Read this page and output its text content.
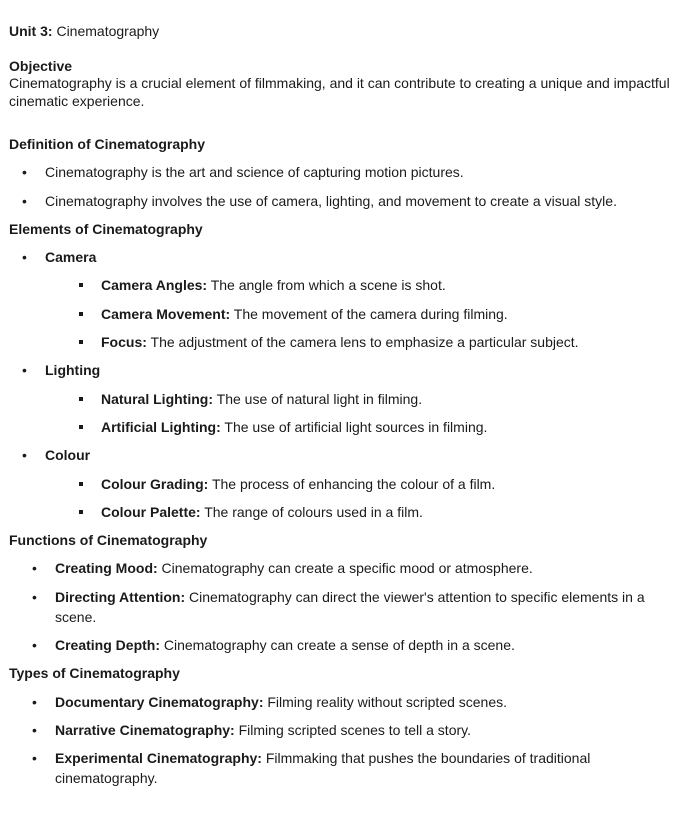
Unit 3: Cinematography
Objective
Cinematography is a crucial element of filmmaking, and it can contribute to creating a unique and impactful cinematic experience.
Definition of Cinematography
• Cinematography is the art and science of capturing motion pictures.
• Cinematography involves the use of camera, lighting, and movement to create a visual style.
Elements of Cinematography
• Camera
Camera Angles: The angle from which a scene is shot.
Camera Movement: The movement of the camera during filming.
Focus: The adjustment of the camera lens to emphasize a particular subject.
• Lighting
Natural Lighting: The use of natural light in filming.
Artificial Lighting: The use of artificial light sources in filming.
• Colour
Colour Grading: The process of enhancing the colour of a film.
Colour Palette: The range of colours used in a film.
Functions of Cinematography
• Creating Mood: Cinematography can create a specific mood or atmosphere.
• Directing Attention: Cinematography can direct the viewer's attention to specific elements in a scene.
• Creating Depth: Cinematography can create a sense of depth in a scene.
Types of Cinematography
• Documentary Cinematography: Filming reality without scripted scenes.
• Narrative Cinematography: Filming scripted scenes to tell a story.
• Experimental Cinematography: Filmmaking that pushes the boundaries of traditional cinematography.
